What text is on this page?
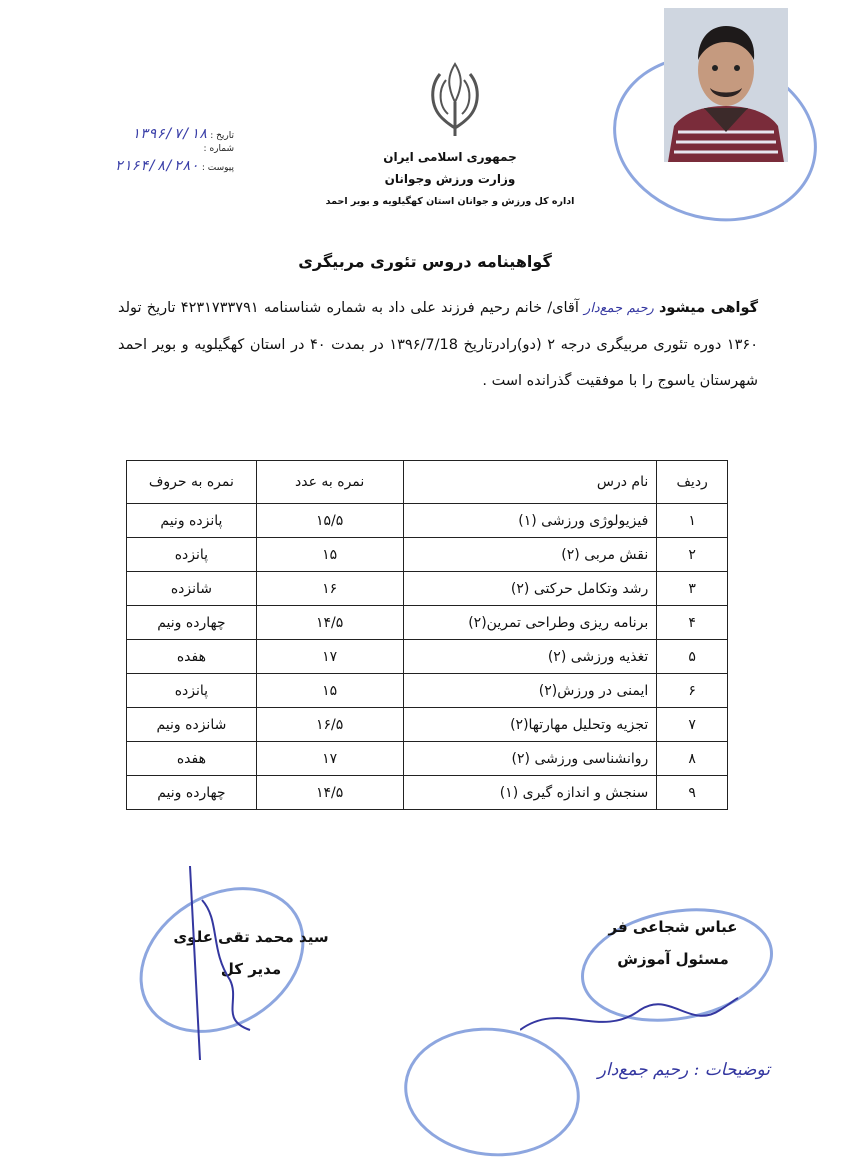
جمهوری اسلامی ایران
وزارت ورزش وجوانان
اداره کل ورزش و جوانان استان کهگیلویه و بویر احمد
تاریخ : ۱۳۹۶/۷/۱۸
شماره :
پیوست : ۲۱۶۴/۸/۲۸۰
گواهینامه دروس تئوری مربیگری
گواهی میشود رحیم جمع‌دار آقای/ خانم رحیم فرزند علی داد به شماره شناسنامه ۴۲۳۱۷۳۳۷۹۱ تاریخ تولد ۱۳۶۰ دوره تئوری مربیگری درجه ۲ (دو)رادرتاریخ ۱۳۹۶/7/18 در بمدت ۴۰ در استان کهگیلویه و بویر احمد شهرستان یاسوج را با موفقیت گذرانده است .
ردیف	نام درس	نمره به عدد	نمره به حروف
۱	فیزیولوژی ورزشی (۱)	۱۵/۵	پانزده ونیم
۲	نقش مربی (۲)	۱۵	پانزده
۳	رشد وتکامل حرکتی (۲)	۱۶	شانزده
۴	برنامه ریزی وطراحی تمرین(۲)	۱۴/۵	چهارده ونیم
۵	تغذیه ورزشی (۲)	۱۷	هفده
۶	ایمنی در ورزش(۲)	۱۵	پانزده
۷	تجزیه وتحلیل مهارتها(۲)	۱۶/۵	شانزده ونیم
۸	روانشناسی ورزشی (۲)	۱۷	هفده
۹	سنجش و اندازه گیری (۱)	۱۴/۵	چهارده ونیم
سید محمد تقی علوی
مدیر کل
عباس شجاعی فر
مسئول آموزش
توضیحات : رحیم جمع‌دار
